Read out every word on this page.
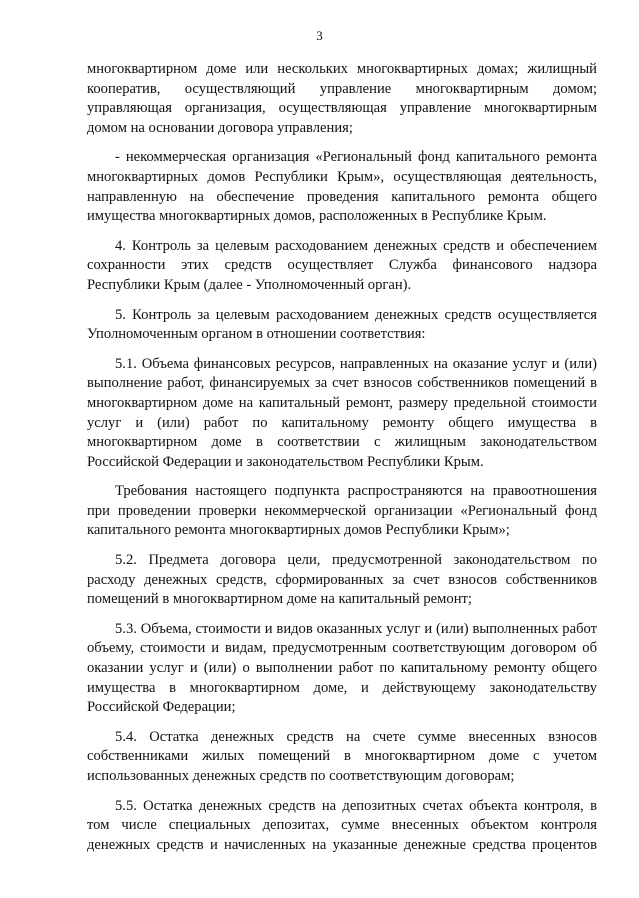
3

многоквартирном доме или нескольких многоквартирных домах; жилищный кооператив, осуществляющий управление многоквартирным домом; управляющая организация, осуществляющая управление многоквартирным домом на основании договора управления;

- некоммерческая организация «Региональный фонд капитального ремонта многоквартирных домов Республики Крым», осуществляющая деятельность, направленную на обеспечение проведения капитального ремонта общего имущества многоквартирных домов, расположенных в Республике Крым.

4. Контроль за целевым расходованием денежных средств и обеспечением сохранности этих средств осуществляет Служба финансового надзора Республики Крым (далее - Уполномоченный орган).

5. Контроль за целевым расходованием денежных средств осуществляется Уполномоченным органом в отношении соответствия:

5.1. Объема финансовых ресурсов, направленных на оказание услуг и (или) выполнение работ, финансируемых за счет взносов собственников помещений в многоквартирном доме на капитальный ремонт, размеру предельной стоимости услуг и (или) работ по капитальному ремонту общего имущества в многоквартирном доме в соответствии с жилищным законодательством Российской Федерации и законодательством Республики Крым.

Требования настоящего подпункта распространяются на правоотношения при проведении проверки некоммерческой организации «Региональный фонд капитального ремонта многоквартирных домов Республики Крым»;

5.2. Предмета договора цели, предусмотренной законодательством по расходу денежных средств, сформированных за счет взносов собственников помещений в многоквартирном доме на капитальный ремонт;

5.3. Объема, стоимости и видов оказанных услуг и (или) выполненных работ объему, стоимости и видам, предусмотренным соответствующим договором об оказании услуг и (или) о выполнении работ по капитальному ремонту общего имущества в многоквартирном доме, и действующему законодательству Российской Федерации;

5.4. Остатка денежных средств на счете сумме внесенных взносов собственниками жилых помещений в многоквартирном доме с учетом использованных денежных средств по соответствующим договорам;

5.5. Остатка денежных средств на депозитных счетах объекта контроля, в том числе специальных депозитах, сумме внесенных объектом контроля денежных средств и начисленных на указанные денежные средства процентов
